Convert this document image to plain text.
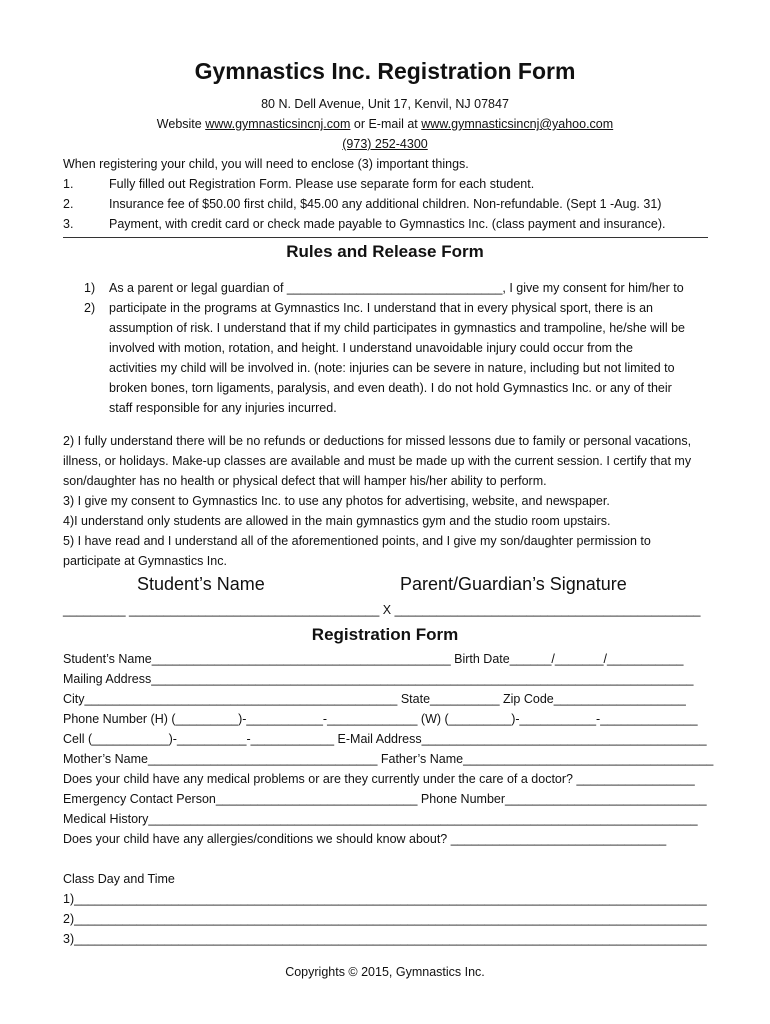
Gymnastics Inc. Registration Form
80 N. Dell Avenue, Unit 17, Kenvil, NJ 07847
Website www.gymnasticsincnj.com or E-mail at www.gymnasticsincnj@yahoo.com
(973) 252-4300
When registering your child, you will need to enclose (3) important things.
1.	Fully filled out Registration Form. Please use separate form for each student.
2.	Insurance fee of $50.00 first child, $45.00 any additional children. Non-refundable. (Sept 1 -Aug. 31)
3.	Payment, with credit card or check made payable to Gymnastics Inc. (class payment and insurance).
Rules and Release Form
1) As a parent or legal guardian of _______________________________, I give my consent for him/her to
2) participate in the programs at Gymnastics Inc. I understand that in every physical sport, there is an
assumption of risk. I understand that if my child participates in gymnastics and trampoline, he/she will be
involved with motion, rotation, and height. I understand unavoidable injury could occur from the
activities my child will be involved in. (note: injuries can be severe in nature, including but not limited to
broken bones, torn ligaments, paralysis, and even death). I do not hold Gymnastics Inc. or any of their
staff responsible for any injuries incurred.
2) I fully understand there will be no refunds or deductions for missed lessons due to family or personal vacations,
illness, or holidays. Make-up classes are available and must be made up with the current session. I certify that my
son/daughter has no health or physical defect that will hamper his/her ability to perform.
3) I give my consent to Gymnastics Inc. to use any photos for advertising, website, and newspaper.
4)I understand only students are allowed in the main gymnastics gym and the studio room upstairs.
5) I have read and I understand all of the aforementioned points, and I give my son/daughter permission to
participate at Gymnastics Inc.
Student’s Name	Parent/Guardian’s Signature
_________ ____________________________________ X ____________________________________________
Registration Form
Student’s Name___________________________________________ Birth Date______/_______/___________
Mailing Address______________________________________________________________________________
City_____________________________________________ State__________ Zip Code___________________
Phone Number (H) (_________)-___________-_____________ (W) (_________)-___________-______________
Cell (___________)-__________-____________ E-Mail Address_________________________________________
Mother’s Name_________________________________ Father’s Name____________________________________
Does your child have any medical problems or are they currently under the care of a doctor? _________________
Emergency Contact Person_____________________________ Phone Number_____________________________
Medical History_______________________________________________________________________________
Does your child have any allergies/conditions we should know about? _______________________________
Class Day and Time
1)___________________________________________________________________________________________
2)___________________________________________________________________________________________
3)___________________________________________________________________________________________
Copyrights © 2015, Gymnastics Inc.
